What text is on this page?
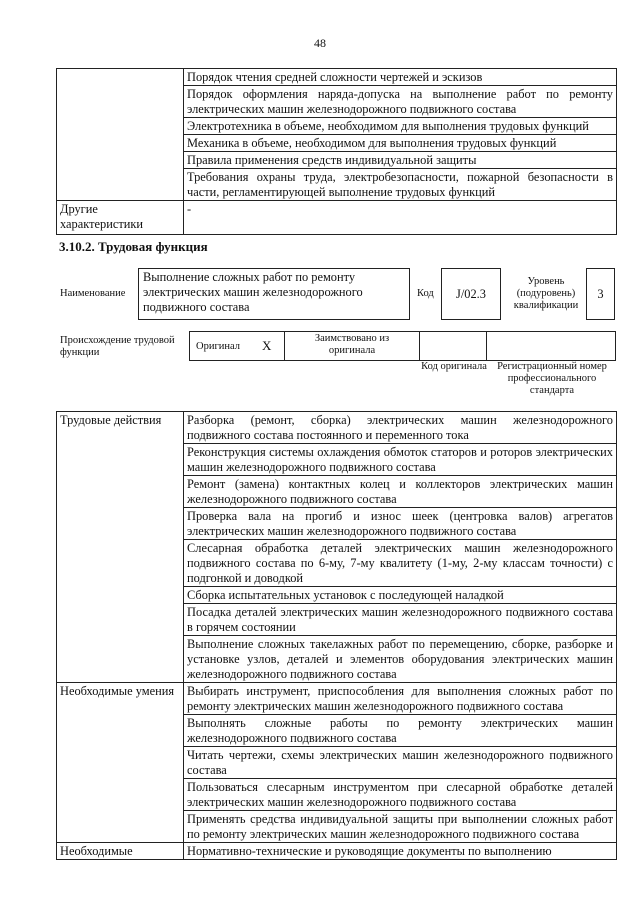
48
	Порядок чтения средней сложности чертежей и эскизов
	Порядок оформления наряда-допуска на выполнение работ по ремонту электрических машин железнодорожного подвижного состава
	Электротехника в объеме, необходимом для выполнения трудовых функций
	Механика в объеме, необходимом для выполнения трудовых функций
	Правила применения средств индивидуальной защиты
	Требования охраны труда, электробезопасности, пожарной безопасности в части, регламентирующей выполнение трудовых функций
Другие характеристики	-
3.10.2. Трудовая функция
Наименование
Выполнение сложных работ по ремонту электрических машин железнодорожного подвижного состава
Код	J/02.3
Уровень (подуровень) квалификации
3
Происхождение трудовой функции
Оригинал X	Заимствовано из оригинала
Код оригинала Регистрационный номер профессионального стандарта
Трудовые действия	Разборка (ремонт, сборка) электрических машин железнодорожного подвижного состава постоянного и переменного тока
	Реконструкция системы охлаждения обмоток статоров и роторов электрических машин железнодорожного подвижного состава
	Ремонт (замена) контактных колец и коллекторов электрических машин железнодорожного подвижного состава
	Проверка вала на прогиб и износ шеек (центровка валов) агрегатов электрических машин железнодорожного подвижного состава
	Слесарная обработка деталей электрических машин железнодорожного подвижного состава по 6-му, 7-му квалитету (1-му, 2-му классам точности) с подгонкой и доводкой
	Сборка испытательных установок с последующей наладкой
	Посадка деталей электрических машин железнодорожного подвижного состава в горячем состоянии
	Выполнение сложных такелажных работ по перемещению, сборке, разборке и установке узлов, деталей и элементов оборудования электрических машин железнодорожного подвижного состава
Необходимые умения	Выбирать инструмент, приспособления для выполнения сложных работ по ремонту электрических машин железнодорожного подвижного состава
	Выполнять сложные работы по ремонту электрических машин железнодорожного подвижного состава
	Читать чертежи, схемы электрических машин железнодорожного подвижного состава
	Пользоваться слесарным инструментом при слесарной обработке деталей электрических машин железнодорожного подвижного состава
	Применять средства индивидуальной защиты при выполнении сложных работ по ремонту электрических машин железнодорожного подвижного состава
Необходимые	Нормативно-технические и руководящие документы по выполнению
